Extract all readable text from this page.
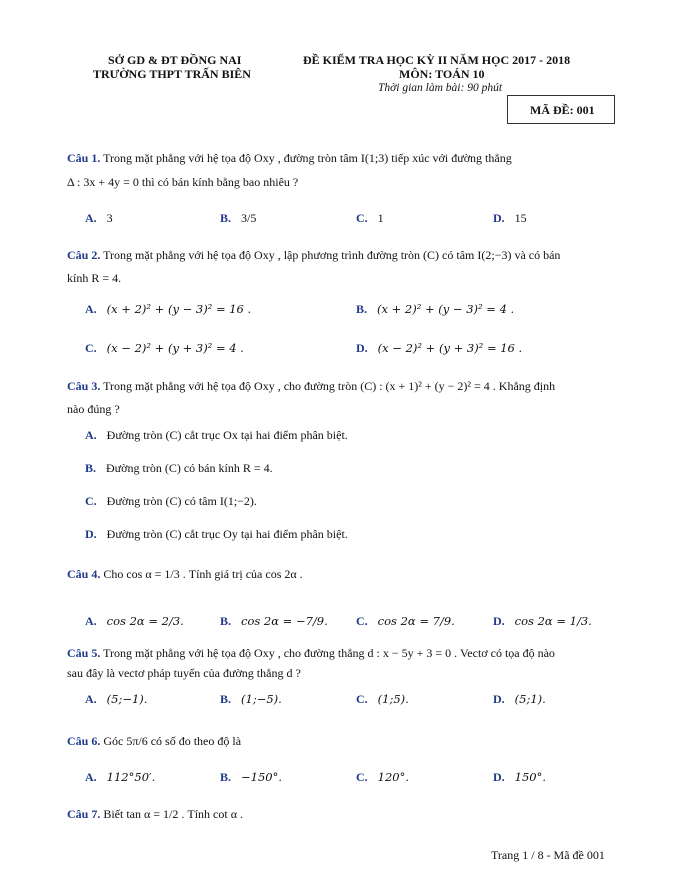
SỞ GD & ĐT ĐỒNG NAI
TRƯỜNG THPT TRẤN BIÊN
ĐỀ KIỂM TRA HỌC KỲ II NĂM HỌC 2017 - 2018
MÔN: TOÁN 10
Thời gian làm bài: 90 phút
MÃ ĐỀ: 001
Câu 1. Trong mặt phẳng với hệ tọa độ Oxy , đường tròn tâm I(1;3) tiếp xúc với đường thẳng
Δ : 3x + 4y = 0 thì có bán kính bằng bao nhiêu ?
A. 3	B. 3/5	C. 1	D. 15
Câu 2. Trong mặt phẳng với hệ tọa độ Oxy , lập phương trình đường tròn (C) có tâm I(2;−3) và có bán
kính R = 4.
A. (x + 2)² + (y − 3)² = 16 .	B. (x + 2)² + (y − 3)² = 4 .
C. (x − 2)² + (y + 3)² = 4 .	D. (x − 2)² + (y + 3)² = 16 .
Câu 3. Trong mặt phẳng với hệ tọa độ Oxy , cho đường tròn (C) : (x + 1)² + (y − 2)² = 4 . Khẳng định
nào đúng ?
A. Đường tròn (C) cắt trục Ox tại hai điểm phân biệt.
B. Đường tròn (C) có bán kính R = 4.
C. Đường tròn (C) có tâm I(1;−2).
D. Đường tròn (C) cắt trục Oy tại hai điểm phân biệt.
Câu 4. Cho cos α = 1/3 . Tính giá trị của cos 2α .
A. cos 2α = 2/3.	B. cos 2α = −7/9. C. cos 2α = 7/9.	D. cos 2α = 1/3.
Câu 5. Trong mặt phẳng với hệ tọa độ Oxy , cho đường thẳng d : x − 5y + 3 = 0 . Vectơ có tọa độ nào
sau đây là vectơ pháp tuyến của đường thẳng d ?
A. (5;−1).	B. (1;−5).	C. (1;5).	D. (5;1).
Câu 6. Góc 5π/6 có số đo theo độ là
A. 112°50′.	B. −150°.	C. 120°.	D. 150°.
Câu 7. Biết tan α = 1/2 . Tính cot α .
Trang 1 / 8 - Mã đề 001
